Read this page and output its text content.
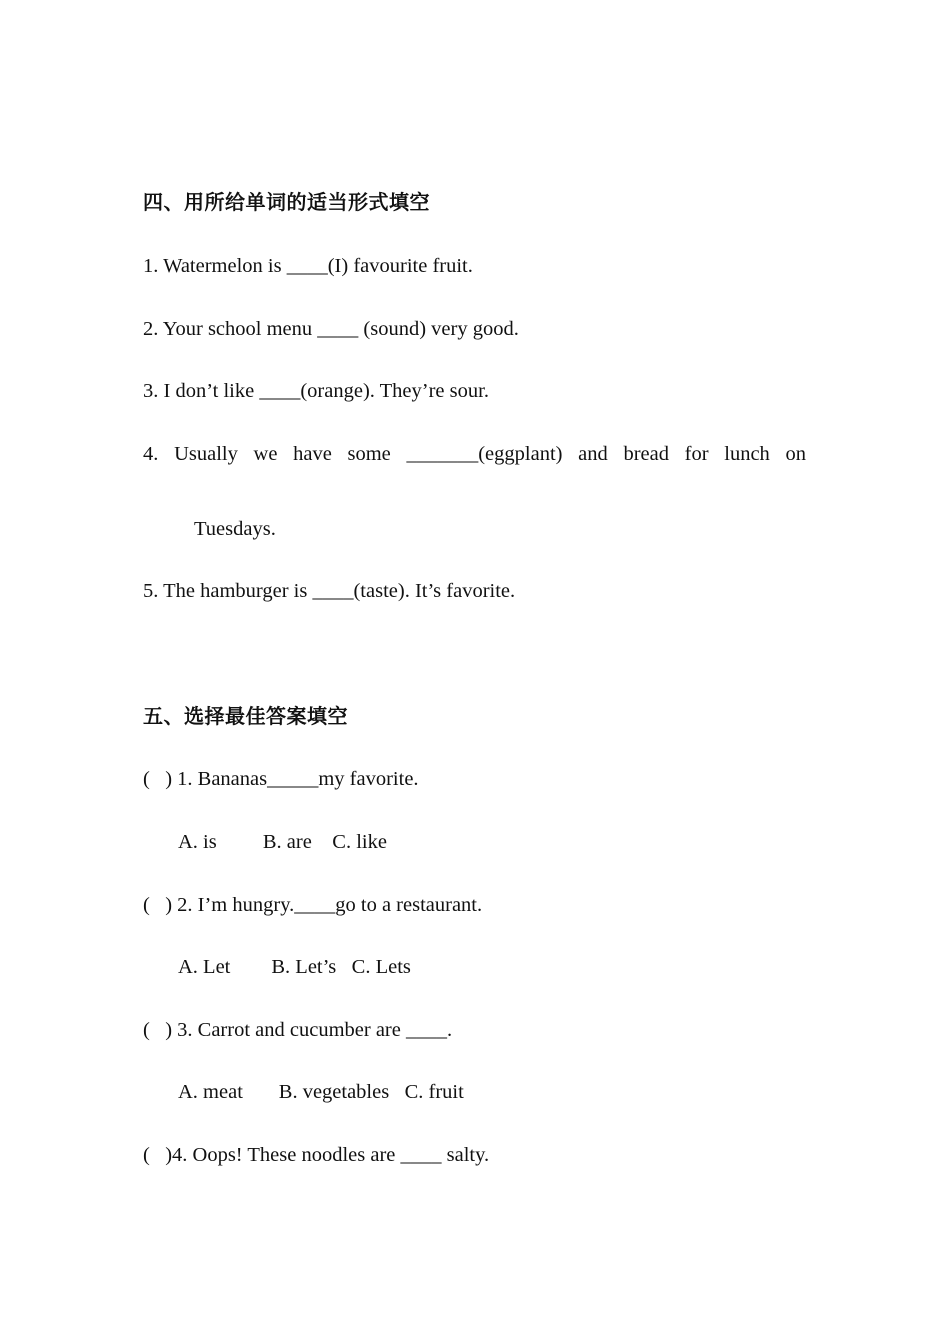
四、用所给单词的适当形式填空
1. Watermelon is ____(I) favourite fruit.
2. Your school menu ____ (sound) very good.
3. I don’t like ____(orange). They’re sour.
4. Usually we have some _______(eggplant) and bread for lunch on
Tuesdays.
5. The hamburger is ____(taste). It’s favorite.
五、选择最佳答案填空
(   ) 1. Bananas_____my favorite.
A. is         B. are    C. like
(   ) 2. I’m hungry.____go to a restaurant.
A. Let        B. Let’s   C. Lets
(   ) 3. Carrot and cucumber are ____.
A. meat       B. vegetables   C. fruit
(   )4. Oops! These noodles are ____ salty.
